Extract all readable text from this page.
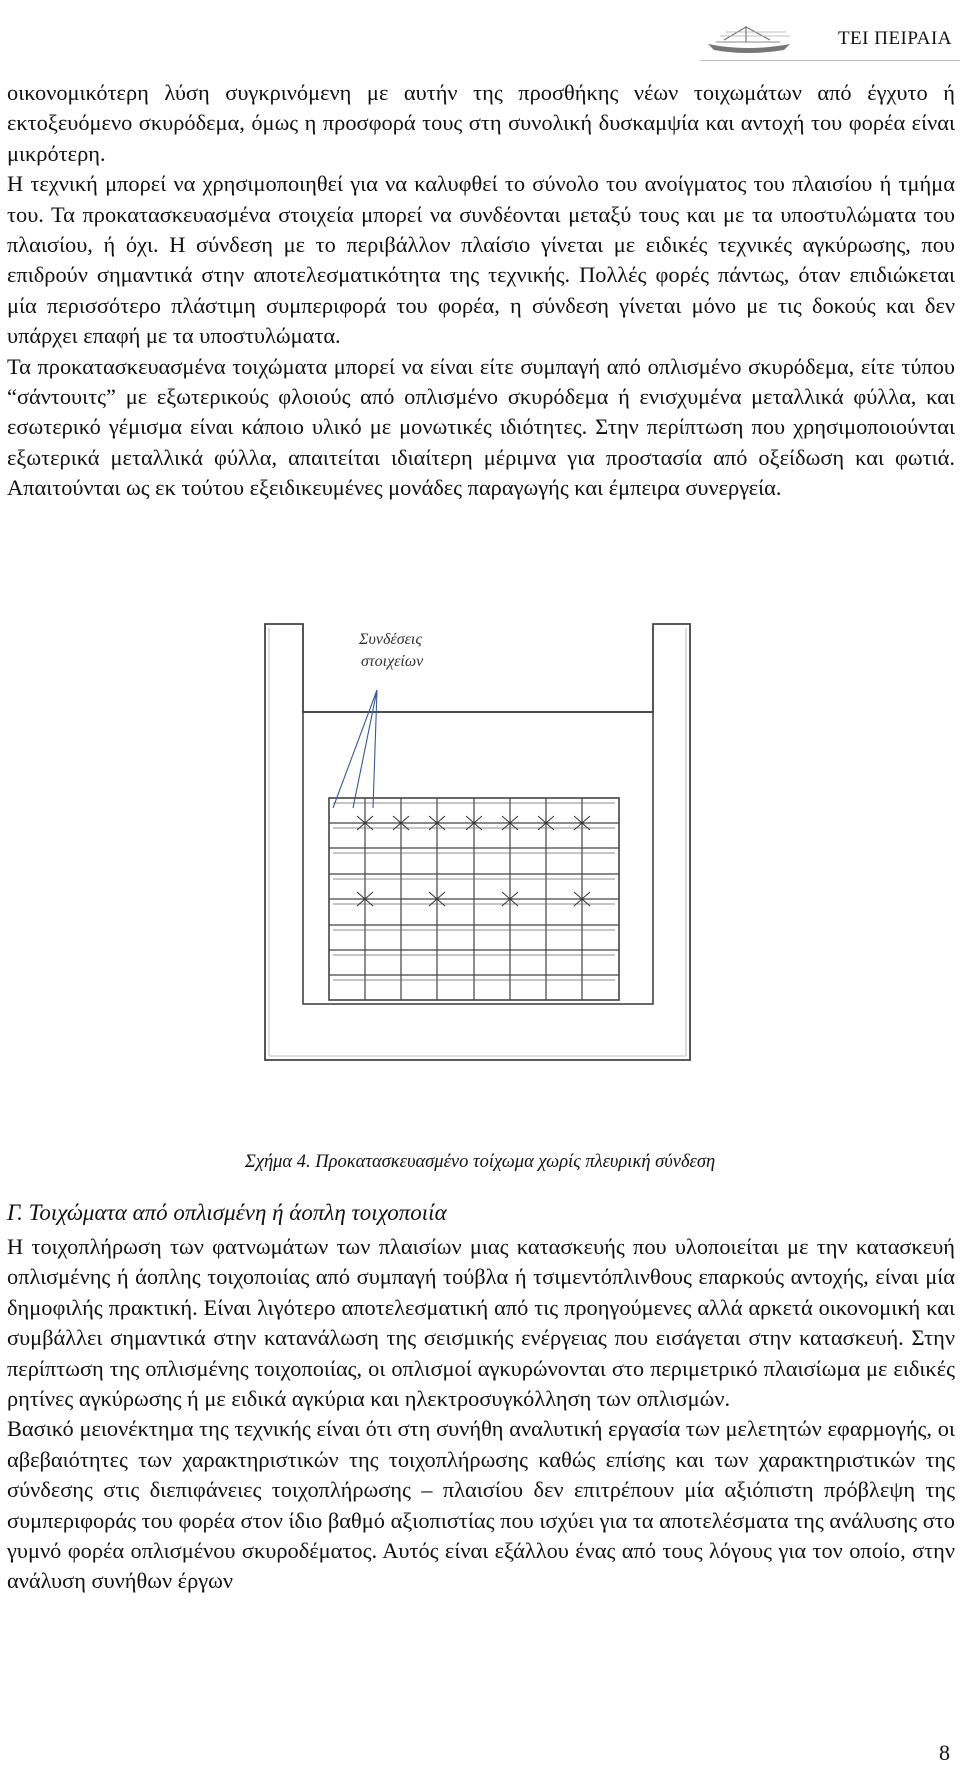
ΤΕΙ ΠΕΙΡΑΙΑ

οικονομικότερη λύση συγκρινόμενη με αυτήν της προσθήκης νέων τοιχωμάτων από έγχυτο ή εκτοξευόμενο σκυρόδεμα, όμως η προσφορά τους στη συνολική δυσκαμψία και αντοχή του φορέα είναι μικρότερη.

Η τεχνική μπορεί να χρησιμοποιηθεί για να καλυφθεί το σύνολο του ανοίγματος του πλαισίου ή τμήμα του. Τα προκατασκευασμένα στοιχεία μπορεί να συνδέονται μεταξύ τους και με τα υποστυλώματα του πλαισίου, ή όχι. Η σύνδεση με το περιβάλλον πλαίσιο γίνεται με ειδικές τεχνικές αγκύρωσης, που επιδρούν σημαντικά στην αποτελεσματικότητα της τεχνικής. Πολλές φορές πάντως, όταν επιδιώκεται μία περισσότερο πλάστιμη συμπεριφορά του φορέα, η σύνδεση γίνεται μόνο με τις δοκούς και δεν υπάρχει επαφή με τα υποστυλώματα.

Τα προκατασκευασμένα τοιχώματα μπορεί να είναι είτε συμπαγή από οπλισμένο σκυρόδεμα, είτε τύπου “σάντουιτς” με εξωτερικούς φλοιούς από οπλισμένο σκυρόδεμα ή ενισχυμένα μεταλλικά φύλλα, και εσωτερικό γέμισμα είναι κάποιο υλικό με μονωτικές ιδιότητες. Στην περίπτωση που χρησιμοποιούνται εξωτερικά μεταλλικά φύλλα, απαιτείται ιδιαίτερη μέριμνα για προστασία από οξείδωση και φωτιά. Απαιτούνται ως εκ τούτου εξειδικευμένες μονάδες παραγωγής και έμπειρα συνεργεία.

Συνδέσεις
στοιχείων
Σχήμα 4. Προκατασκευασμένο τοίχωμα χωρίς πλευρική σύνδεση
Γ. Τοιχώματα από οπλισμένη ή άοπλη τοιχοποιία

Η τοιχοπλήρωση των φατνωμάτων των πλαισίων μιας κατασκευής που υλοποιείται με την κατασκευή οπλισμένης ή άοπλης τοιχοποιίας από συμπαγή τούβλα ή τσιμεντόπλινθους επαρκούς αντοχής, είναι μία δημοφιλής πρακτική. Είναι λιγότερο αποτελεσματική από τις προηγούμενες αλλά αρκετά οικονομική και συμβάλλει σημαντικά στην κατανάλωση της σεισμικής ενέργειας που εισάγεται στην κατασκευή. Στην περίπτωση της οπλισμένης τοιχοποιίας, οι οπλισμοί αγκυρώνονται στο περιμετρικό πλαισίωμα με ειδικές ρητίνες αγκύρωσης ή με ειδικά αγκύρια και ηλεκτροσυγκόλληση των οπλισμών.

Βασικό μειονέκτημα της τεχνικής είναι ότι στη συνήθη αναλυτική εργασία των μελετητών εφαρμογής, οι αβεβαιότητες των χαρακτηριστικών της τοιχοπλήρωσης καθώς επίσης και των χαρακτηριστικών της σύνδεσης στις διεπιφάνειες τοιχοπλήρωσης – πλαισίου δεν επιτρέπουν μία αξιόπιστη πρόβλεψη της συμπεριφοράς του φορέα στον ίδιο βαθμό αξιοπιστίας που ισχύει για τα αποτελέσματα της ανάλυσης στο γυμνό φορέα οπλισμένου σκυροδέματος. Αυτός είναι εξάλλου ένας από τους λόγους για τον οποίο, στην ανάλυση συνήθων έργων

8
